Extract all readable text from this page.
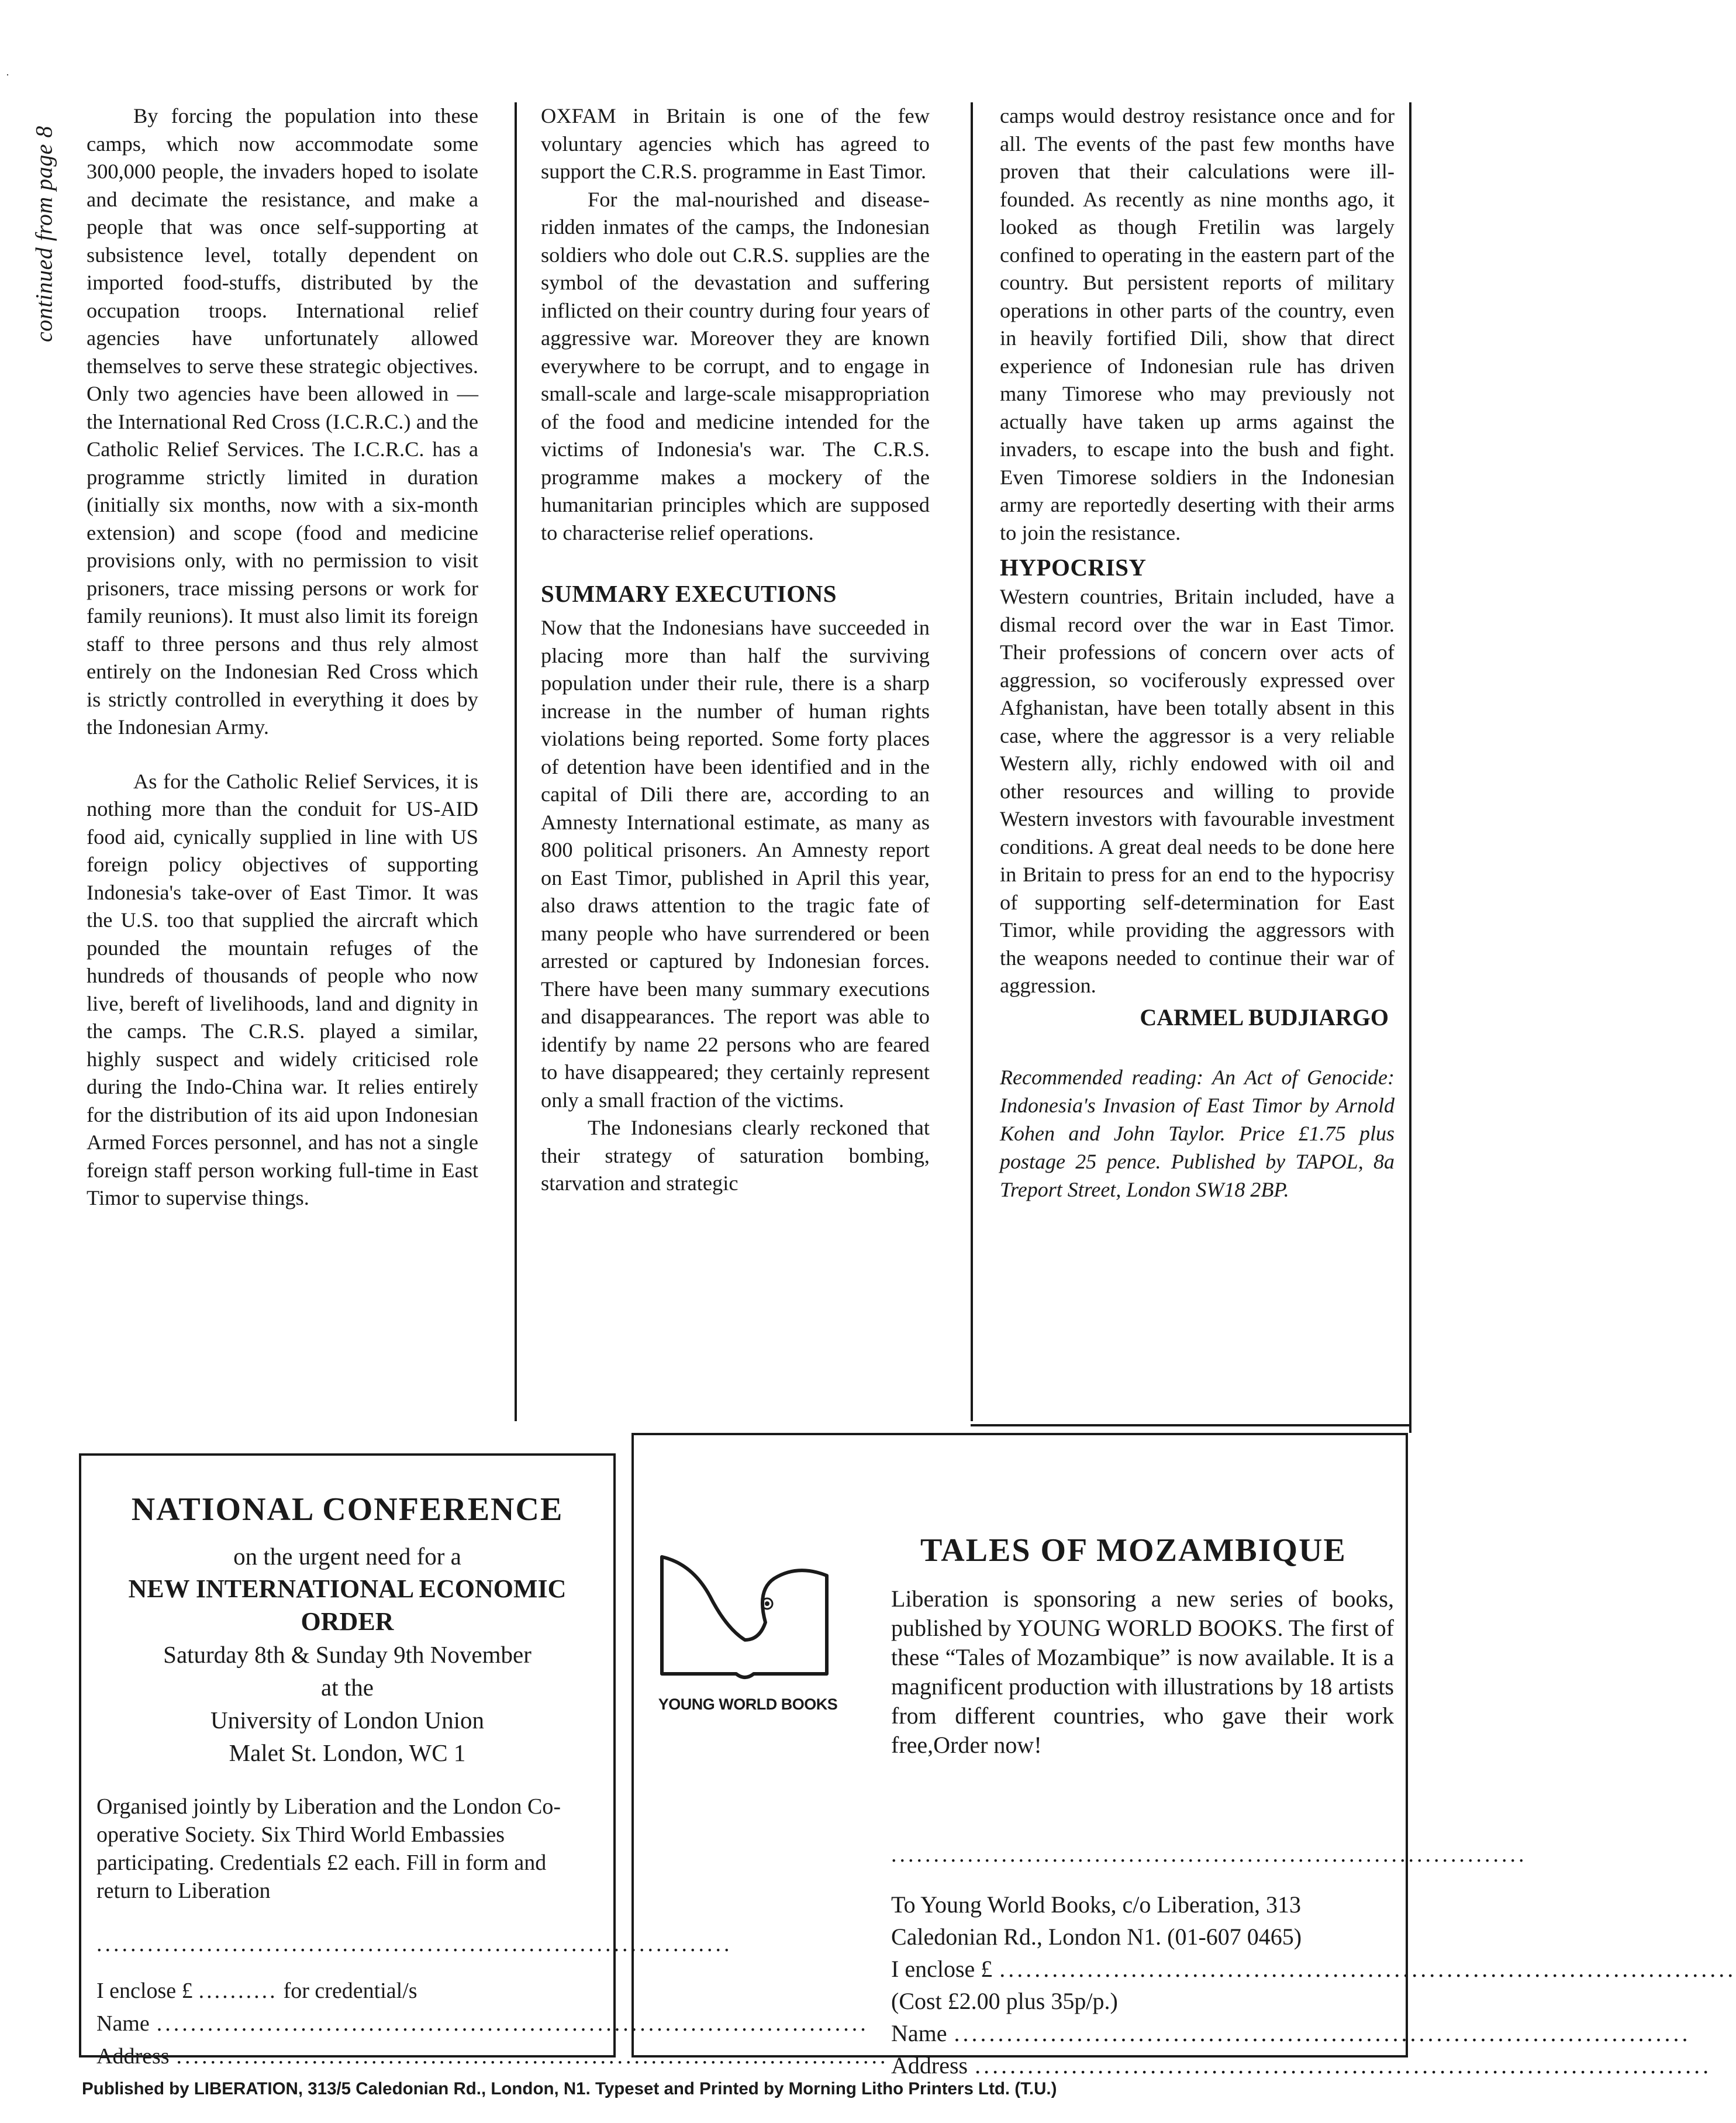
·
continued from page 8

By forcing the population into these camps, which now accommodate some 300,000 people, the invaders hoped to isolate and decimate the resistance, and make a people that was once self-supporting at subsistence level, totally dependent on imported food-stuffs, distributed by the occupation troops. International relief agencies have unfortunately allowed themselves to serve these strategic objectives. Only two agencies have been allowed in — the International Red Cross (I.C.R.C.) and the Catholic Relief Services. The I.C.R.C. has a programme strictly limited in duration (initially six months, now with a six-month extension) and scope (food and medicine provisions only, with no permission to visit prisoners, trace missing persons or work for family reunions). It must also limit its foreign staff to three persons and thus rely almost entirely on the Indonesian Red Cross which is strictly controlled in everything it does by the Indonesian Army.

As for the Catholic Relief Services, it is nothing more than the conduit for US-AID food aid, cynically supplied in line with US foreign policy objectives of supporting Indonesia's take-over of East Timor. It was the U.S. too that supplied the aircraft which pounded the mountain refuges of the hundreds of thousands of people who now live, bereft of livelihoods, land and dignity in the camps. The C.R.S. played a similar, highly suspect and widely criticised role during the Indo-China war. It relies entirely for the distribution of its aid upon Indonesian Armed Forces personnel, and has not a single foreign staff person working full-time in East Timor to supervise things.

OXFAM in Britain is one of the few voluntary agencies which has agreed to support the C.R.S. programme in East Timor.

For the mal-nourished and disease-ridden inmates of the camps, the Indonesian soldiers who dole out C.R.S. supplies are the symbol of the devastation and suffering inflicted on their country during four years of aggressive war. Moreover they are known everywhere to be corrupt, and to engage in small-scale and large-scale misappropriation of the food and medicine intended for the victims of Indonesia's war. The C.R.S. programme makes a mockery of the humanitarian principles which are supposed to characterise relief operations.

SUMMARY EXECUTIONS

Now that the Indonesians have succeeded in placing more than half the surviving population under their rule, there is a sharp increase in the number of human rights violations being reported. Some forty places of detention have been identified and in the capital of Dili there are, according to an Amnesty International estimate, as many as 800 political prisoners. An Amnesty report on East Timor, published in April this year, also draws attention to the tragic fate of many people who have surrendered or been arrested or captured by Indonesian forces. There have been many summary executions and disappearances. The report was able to identify by name 22 persons who are feared to have disappeared; they certainly represent only a small fraction of the victims.

The Indonesians clearly reckoned that their strategy of saturation bombing, starvation and strategic

camps would destroy resistance once and for all. The events of the past few months have proven that their calculations were ill-founded. As recently as nine months ago, it looked as though Fretilin was largely confined to operating in the eastern part of the country. But persistent reports of military operations in other parts of the country, even in heavily fortified Dili, show that direct experience of Indonesian rule has driven many Timorese who may previously not actually have taken up arms against the invaders, to escape into the bush and fight. Even Timorese soldiers in the Indonesian army are reportedly deserting with their arms to join the resistance.

HYPOCRISY

Western countries, Britain included, have a dismal record over the war in East Timor. Their professions of concern over acts of aggression, so vociferously expressed over Afghanistan, have been totally absent in this case, where the aggressor is a very reliable Western ally, richly endowed with oil and other resources and willing to provide Western investors with favourable investment conditions. A great deal needs to be done here in Britain to press for an end to the hypocrisy of supporting self-determination for East Timor, while providing the aggressors with the weapons needed to continue their war of aggression.

CARMEL BUDJIARGO
Recommended reading: An Act of Genocide: Indonesia's Invasion of East Timor by Arnold Kohen and John Taylor. Price £1.75 plus postage 25 pence. Published by TAPOL, 8a Treport Street, London SW18 2BP.
NATIONAL CONFERENCE
on the urgent need for a
NEW INTERNATIONAL ECONOMIC
ORDER
Saturday 8th & Sunday 9th November
at the
University of London Union
Malet St. London, WC 1
Organised jointly by Liberation and the London Co-operative Society. Six Third World Embassies participating. Credentials £2 each. Fill in form and return to Liberation
...........................................................................
I enclose £ .......... for credential/s
Name ....................................................................................
Address ....................................................................................
YOUNG WORLD BOOKS
TALES OF MOZAMBIQUE
Liberation is sponsoring a new series of books, published by YOUNG WORLD BOOKS. The first of these “Tales of Mozambique” is now available. It is a magnificent production with illustrations by 18 artists from different countries, who gave their work free,Order now!
...........................................................................
To Young World Books, c/o Liberation, 313 Caledonian Rd., London N1. (01-607 0465)
I enclose £ ....................................................................................
(Cost £2.00 plus 35p/p.)
Name ....................................................................................
Address ....................................................................................
Published by LIBERATION, 313/5 Caledonian Rd., London, N1. Typeset and Printed by Morning Litho Printers Ltd. (T.U.)
